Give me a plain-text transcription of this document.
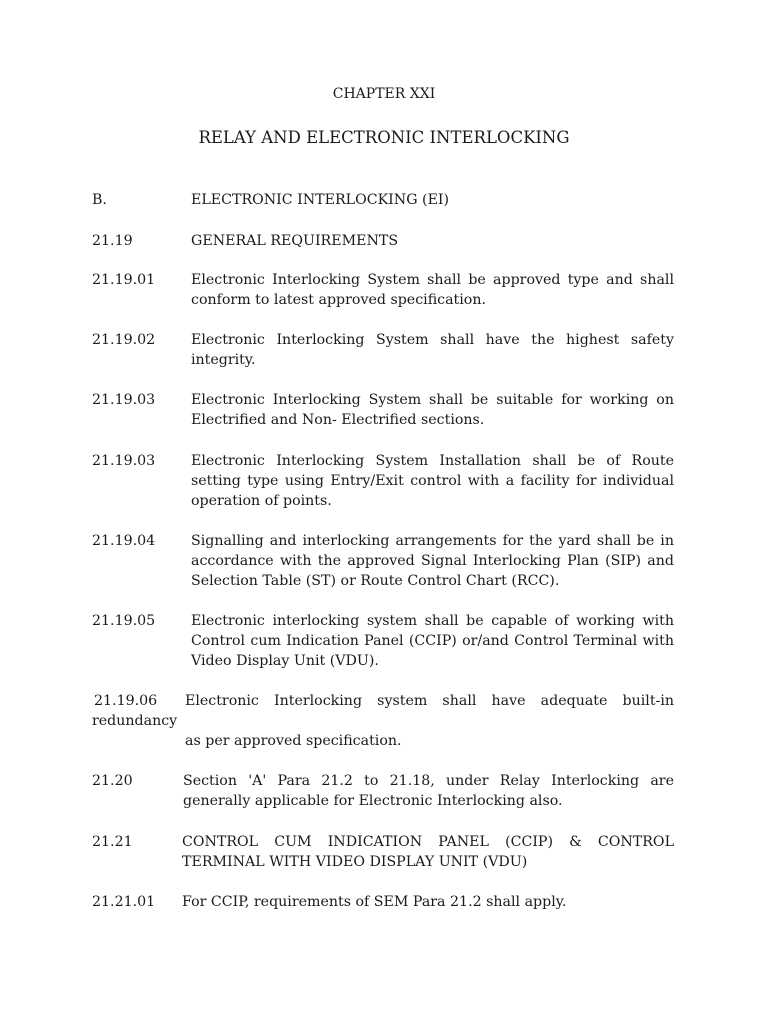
CHAPTER XXI
RELAY AND ELECTRONIC INTERLOCKING
B.	ELECTRONIC INTERLOCKING (EI)
21.19	GENERAL REQUIREMENTS
21.19.01	Electronic Interlocking System shall be approved type and shall conform to latest approved specification.
21.19.02	Electronic Interlocking System shall have the highest safety integrity.
21.19.03	Electronic Interlocking System shall be suitable for working on Electrified and Non- Electrified sections.
21.19.03	Electronic Interlocking System Installation shall be of Route setting type using Entry/Exit control with a facility for individual operation of points.
21.19.04	Signalling and interlocking arrangements for the yard shall be in accordance with the approved Signal Interlocking Plan (SIP) and Selection Table (ST) or Route Control Chart (RCC).
21.19.05	Electronic interlocking system shall be capable of working with Control cum Indication Panel (CCIP) or/and Control Terminal with Video Display Unit (VDU).
21.19.06 Electronic Interlocking system shall have adequate built-in
redundancy
as per approved specification.
21.20	Section 'A' Para 21.2 to 21.18, under Relay Interlocking are generally applicable for Electronic Interlocking also.
21.21	CONTROL CUM INDICATION PANEL (CCIP) & CONTROL TERMINAL WITH VIDEO DISPLAY UNIT (VDU)
21.21.01 For CCIP, requirements of SEM Para 21.2 shall apply.
